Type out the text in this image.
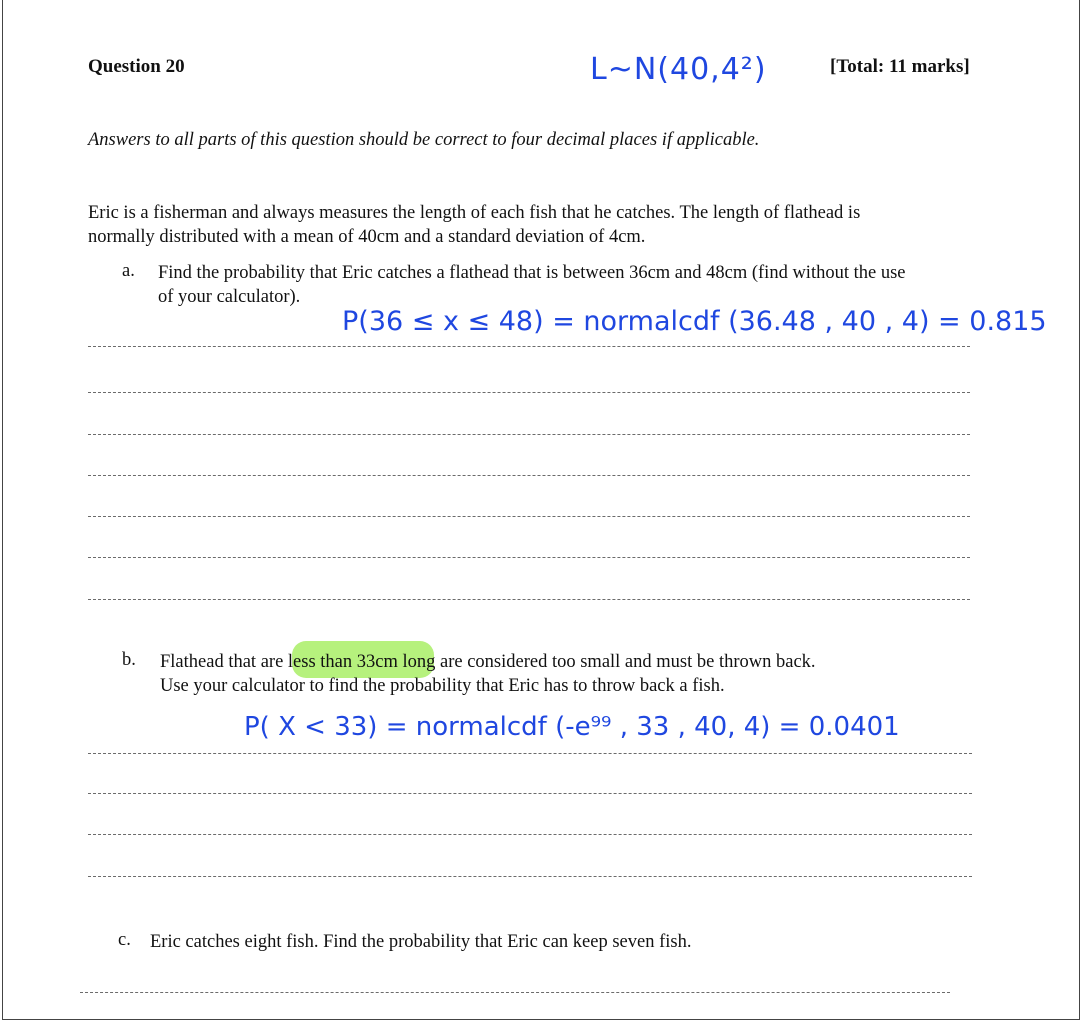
Question 20	L~N(40,4²)	[Total: 11 marks]
Answers to all parts of this question should be correct to four decimal places if applicable.
Eric is a fisherman and always measures the length of each fish that he catches. The length of flathead is
normally distributed with a mean of 40cm and a standard deviation of 4cm.
a. Find the probability that Eric catches a flathead that is between 36cm and 48cm (find without the use
of your calculator).
P(36 ≤ x ≤ 48) = normalcdf (36.48 , 40 , 4) = 0.815
b. Flathead that are less than 33cm long are considered too small and must be thrown back.
Use your calculator to find the probability that Eric has to throw back a fish.
P( X < 33) = normalcdf (-e⁹⁹ , 33 , 40, 4) = 0.0401
c. Eric catches eight fish. Find the probability that Eric can keep seven fish.
